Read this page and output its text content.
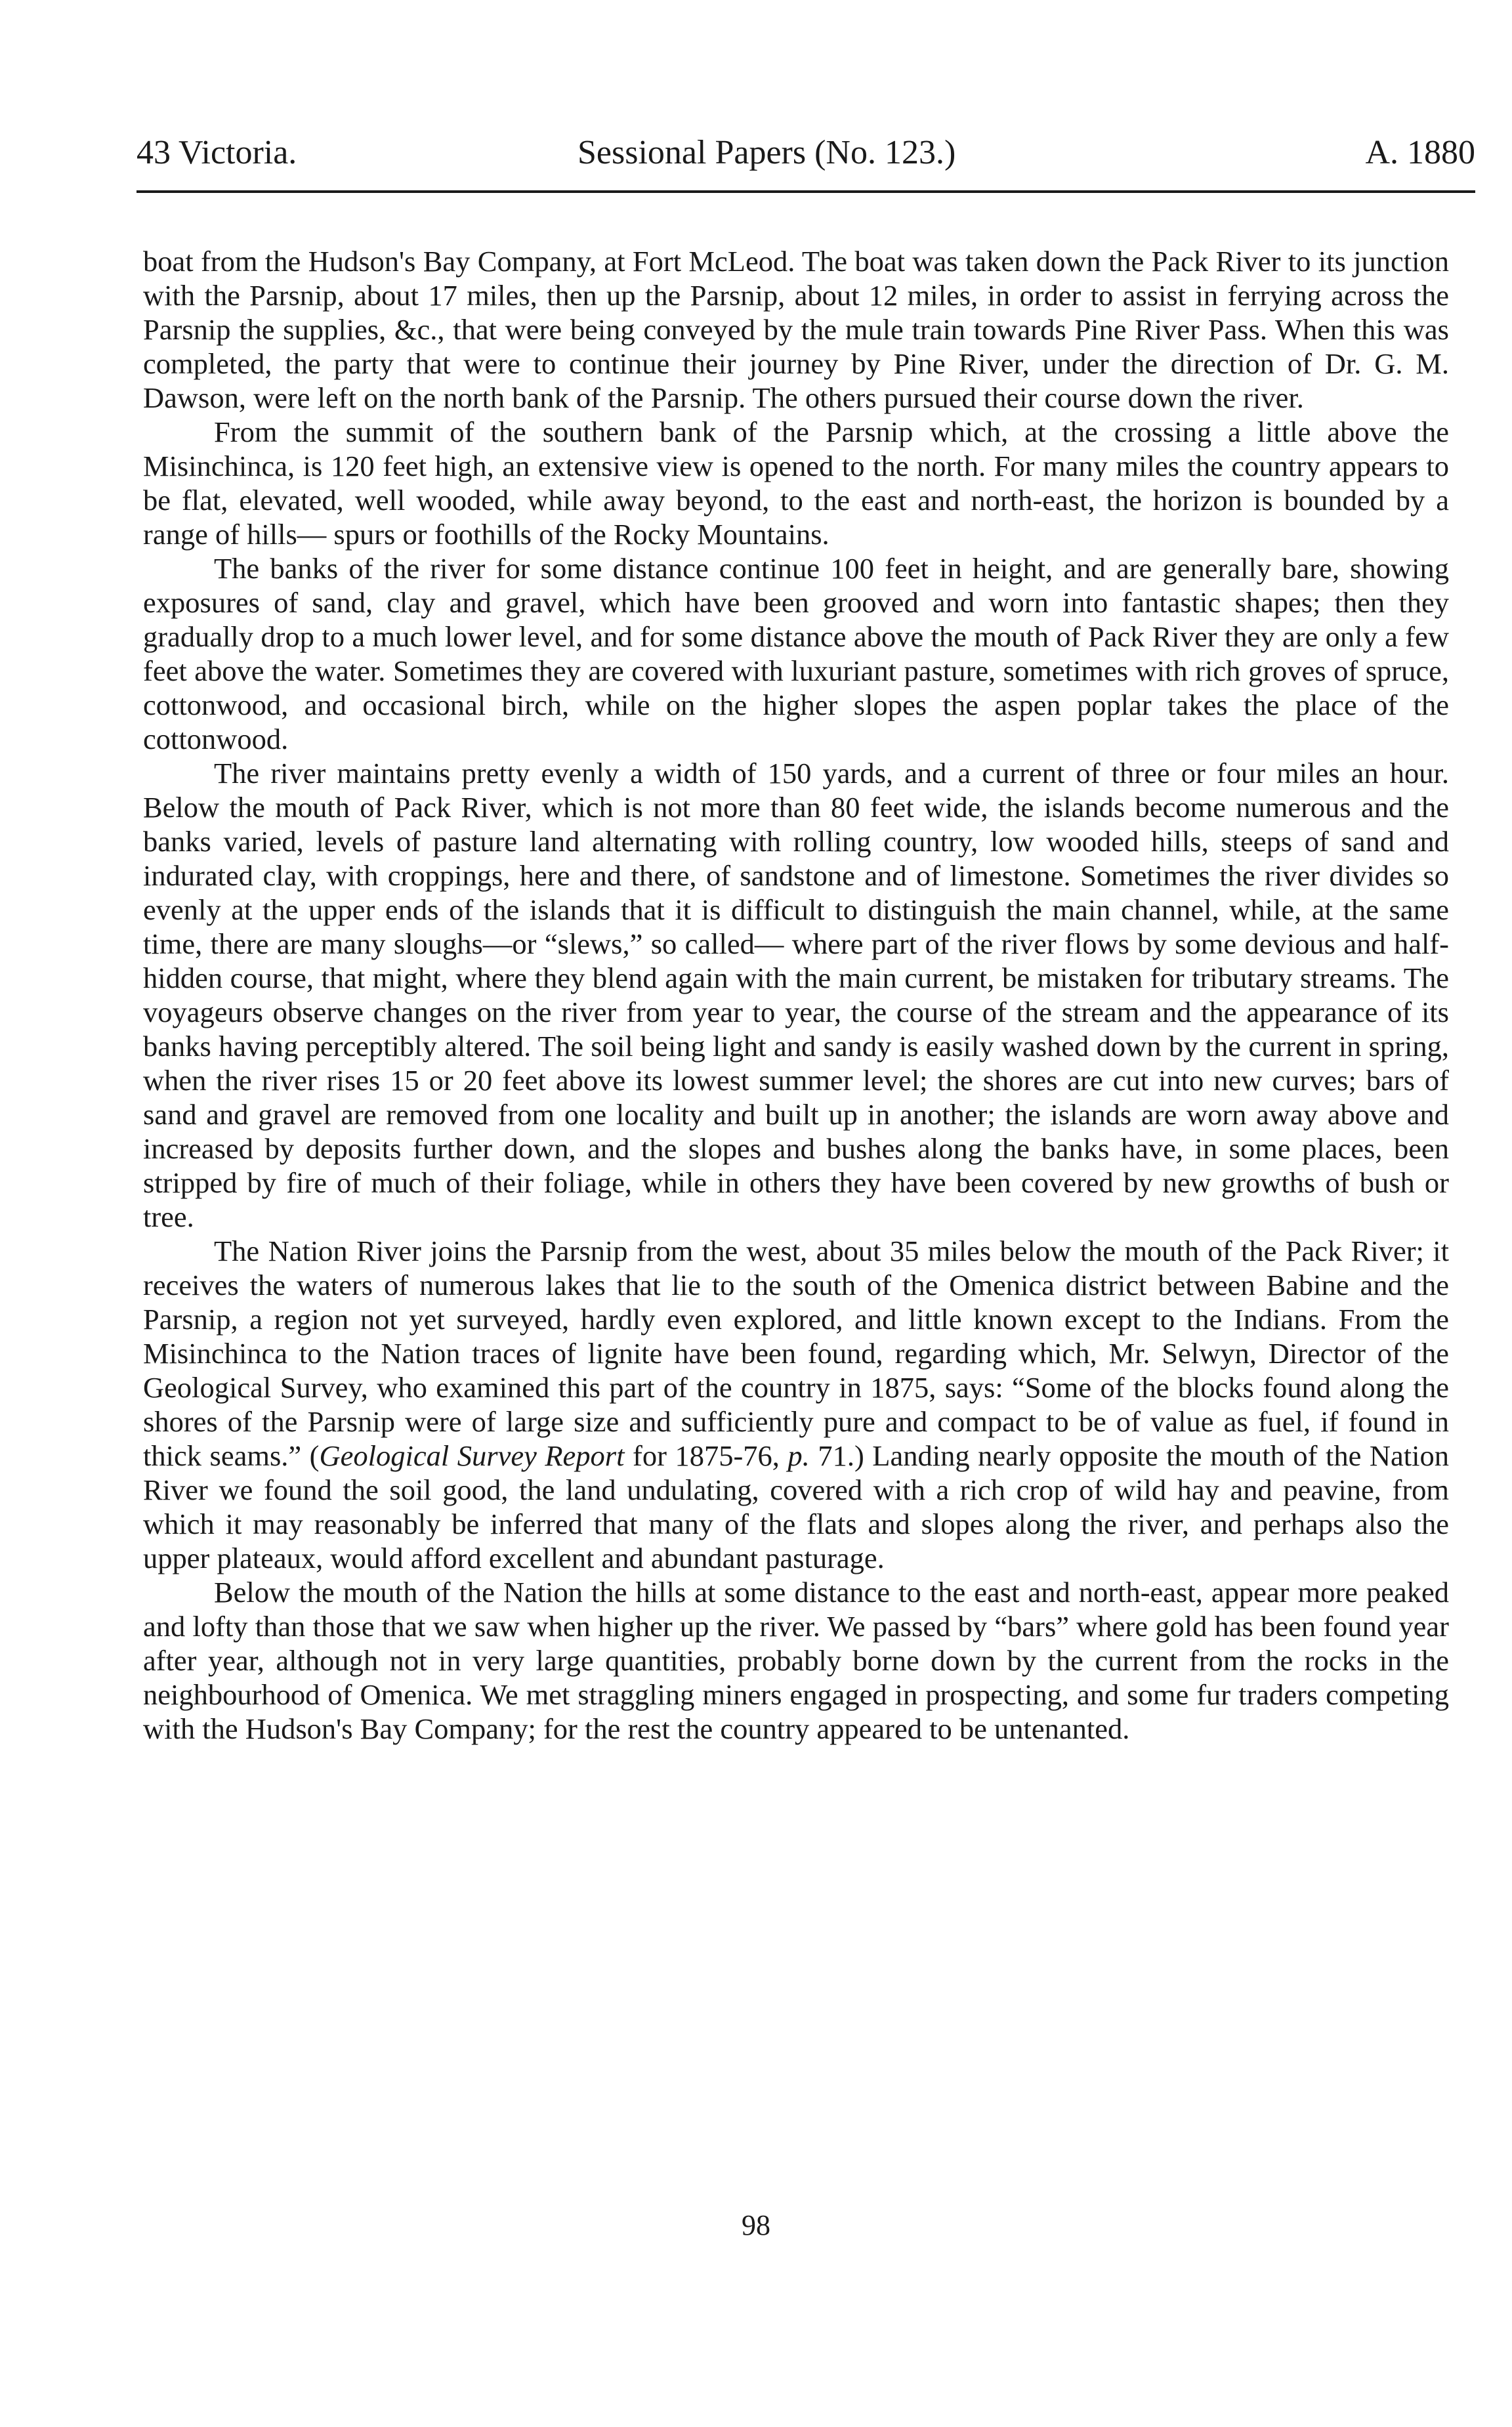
43 Victoria.	Sessional Papers (No. 123.)	A. 1880

boat from the Hudson's Bay Company, at Fort McLeod. The boat was taken down the Pack River to its junction with the Parsnip, about 17 miles, then up the Parsnip, about 12 miles, in order to assist in ferrying across the Parsnip the supplies, &c., that were being conveyed by the mule train towards Pine River Pass. When this was completed, the party that were to continue their journey by Pine River, under the direction of Dr. G. M. Dawson, were left on the north bank of the Parsnip. The others pursued their course down the river.

From the summit of the southern bank of the Parsnip which, at the crossing a little above the Misinchinca, is 120 feet high, an extensive view is opened to the north. For many miles the country appears to be flat, elevated, well wooded, while away beyond, to the east and north-east, the horizon is bounded by a range of hills— spurs or foothills of the Rocky Mountains.

The banks of the river for some distance continue 100 feet in height, and are generally bare, showing exposures of sand, clay and gravel, which have been grooved and worn into fantastic shapes; then they gradually drop to a much lower level, and for some distance above the mouth of Pack River they are only a few feet above the water. Sometimes they are covered with luxuriant pasture, sometimes with rich groves of spruce, cottonwood, and occasional birch, while on the higher slopes the aspen poplar takes the place of the cottonwood.

The river maintains pretty evenly a width of 150 yards, and a current of three or four miles an hour. Below the mouth of Pack River, which is not more than 80 feet wide, the islands become numerous and the banks varied, levels of pasture land alternating with rolling country, low wooded hills, steeps of sand and indurated clay, with croppings, here and there, of sandstone and of limestone. Sometimes the river divides so evenly at the upper ends of the islands that it is difficult to distinguish the main channel, while, at the same time, there are many sloughs—or “slews,” so called— where part of the river flows by some devious and half-hidden course, that might, where they blend again with the main current, be mistaken for tributary streams. The voyageurs observe changes on the river from year to year, the course of the stream and the appearance of its banks having perceptibly altered. The soil being light and sandy is easily washed down by the current in spring, when the river rises 15 or 20 feet above its lowest summer level; the shores are cut into new curves; bars of sand and gravel are removed from one locality and built up in another; the islands are worn away above and increased by deposits further down, and the slopes and bushes along the banks have, in some places, been stripped by fire of much of their foliage, while in others they have been covered by new growths of bush or tree.

The Nation River joins the Parsnip from the west, about 35 miles below the mouth of the Pack River; it receives the waters of numerous lakes that lie to the south of the Omenica district between Babine and the Parsnip, a region not yet surveyed, hardly even explored, and little known except to the Indians. From the Misinchinca to the Nation traces of lignite have been found, regarding which, Mr. Selwyn, Director of the Geological Survey, who examined this part of the country in 1875, says: “Some of the blocks found along the shores of the Parsnip were of large size and sufficiently pure and compact to be of value as fuel, if found in thick seams.” (Geological Survey Report for 1875-76, p. 71.) Landing nearly opposite the mouth of the Nation River we found the soil good, the land undulating, covered with a rich crop of wild hay and peavine, from which it may reasonably be inferred that many of the flats and slopes along the river, and perhaps also the upper plateaux, would afford excellent and abundant pasturage.

Below the mouth of the Nation the hills at some distance to the east and north-east, appear more peaked and lofty than those that we saw when higher up the river. We passed by “bars” where gold has been found year after year, although not in very large quantities, probably borne down by the current from the rocks in the neighbourhood of Omenica. We met straggling miners engaged in prospecting, and some fur traders competing with the Hudson's Bay Company; for the rest the country appeared to be untenanted.

98
